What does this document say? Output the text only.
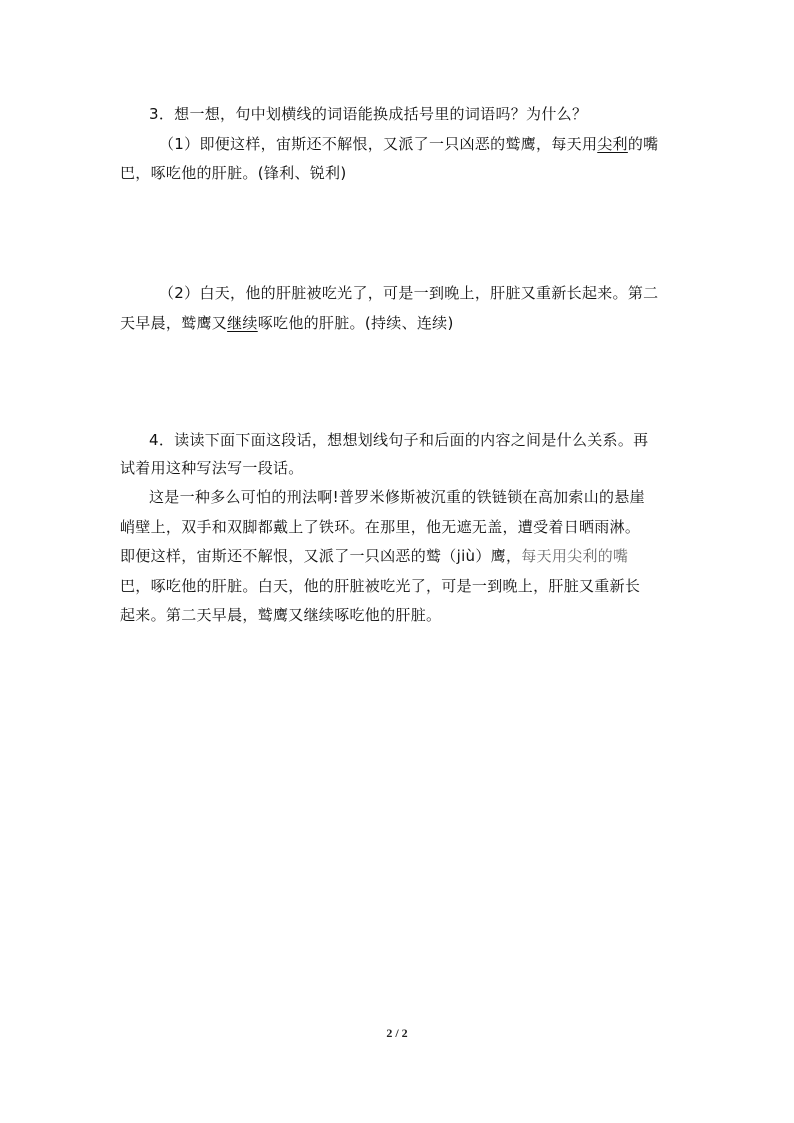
3．想一想，句中划横线的词语能换成括号里的词语吗？为什么？
（1）即便这样，宙斯还不解恨，又派了一只凶恶的鹫鹰，每天用尖利的嘴
巴，啄吃他的肝脏。(锋利、锐利)
（2）白天，他的肝脏被吃光了，可是一到晚上，肝脏又重新长起来。第二
天早晨，鹫鹰又继续啄吃他的肝脏。(持续、连续)
4．读读下面下面这段话，想想划线句子和后面的内容之间是什么关系。再
试着用这种写法写一段话。
这是一种多么可怕的刑法啊!普罗米修斯被沉重的铁链锁在高加索山的悬崖
峭壁上，双手和双脚都戴上了铁环。在那里，他无遮无盖，遭受着日晒雨淋。
即便这样，宙斯还不解恨，又派了一只凶恶的鹫（jiù）鹰，每天用尖利的嘴
巴，啄吃他的肝脏。白天，他的肝脏被吃光了，可是一到晚上，肝脏又重新长
起来。第二天早晨，鹫鹰又继续啄吃他的肝脏。
2 / 2
